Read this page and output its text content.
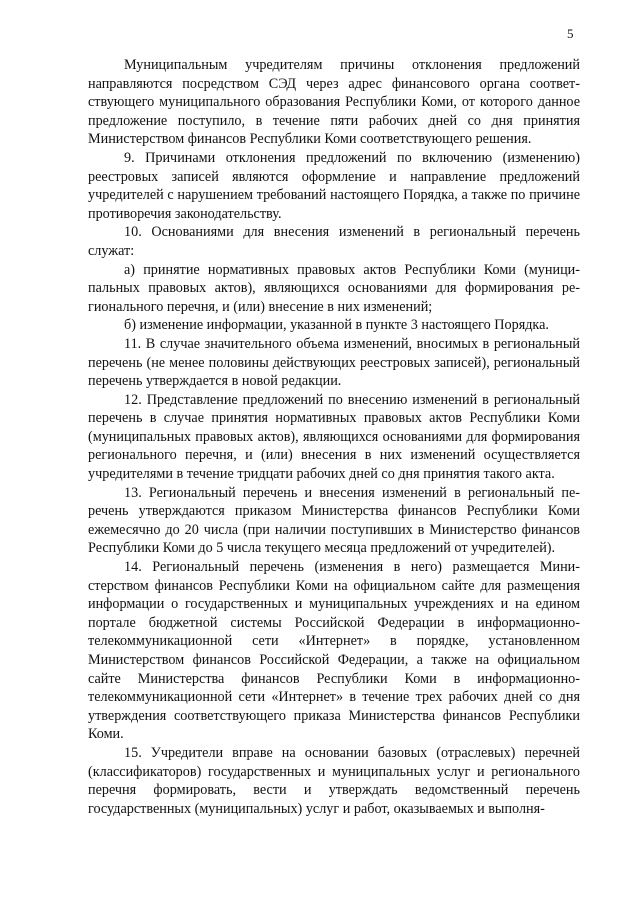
5

Муниципальным учредителям причины отклонения предложений направляются посредством СЭД через адрес финансового органа соответствующего муниципального образования Республики Коми, от которого данное предложение поступило, в течение пяти рабочих дней со дня принятия Министерством финансов Республики Коми соответствующего решения.

9. Причинами отклонения предложений по включению (изменению) реестровых записей являются оформление и направление предложений учредителей с нарушением требований настоящего Порядка, а также по причине противоречия законодательству.

10. Основаниями для внесения изменений в региональный перечень служат:

а) принятие нормативных правовых актов Республики Коми (муниципальных правовых актов), являющихся основаниями для формирования регионального перечня, и (или) внесение в них изменений;

б) изменение информации, указанной в пункте 3 настоящего Порядка.

11. В случае значительного объема изменений, вносимых в региональный перечень (не менее половины действующих реестровых записей), региональный перечень утверждается в новой редакции.

12. Представление предложений по внесению изменений в региональный перечень в случае принятия нормативных правовых актов Республики Коми (муниципальных правовых актов), являющихся основаниями для формирования регионального перечня, и (или) внесения в них изменений осуществляется учредителями в течение тридцати рабочих дней со дня принятия такого акта.

13. Региональный перечень и внесения изменений в региональный перечень утверждаются приказом Министерства финансов Республики Коми ежемесячно до 20 числа (при наличии поступивших в Министерство финансов Республики Коми до 5 числа текущего месяца предложений от учредителей).

14. Региональный перечень (изменения в него) размещается Министерством финансов Республики Коми на официальном сайте для размещения информации о государственных и муниципальных учреждениях и на едином портале бюджетной системы Российской Федерации в информационно-телекоммуникационной сети «Интернет» в порядке, установленном Министерством финансов Российской Федерации, а также на официальном сайте Министерства финансов Республики Коми в информационно-телекоммуникационной сети «Интернет» в течение трех рабочих дней со дня утверждения соответствующего приказа Министерства финансов Республики Коми.

15. Учредители вправе на основании базовых (отраслевых) перечней (классификаторов) государственных и муниципальных услуг и регионального перечня формировать, вести и утверждать ведомственный перечень государственных (муниципальных) услуг и работ, оказываемых и выполня-
